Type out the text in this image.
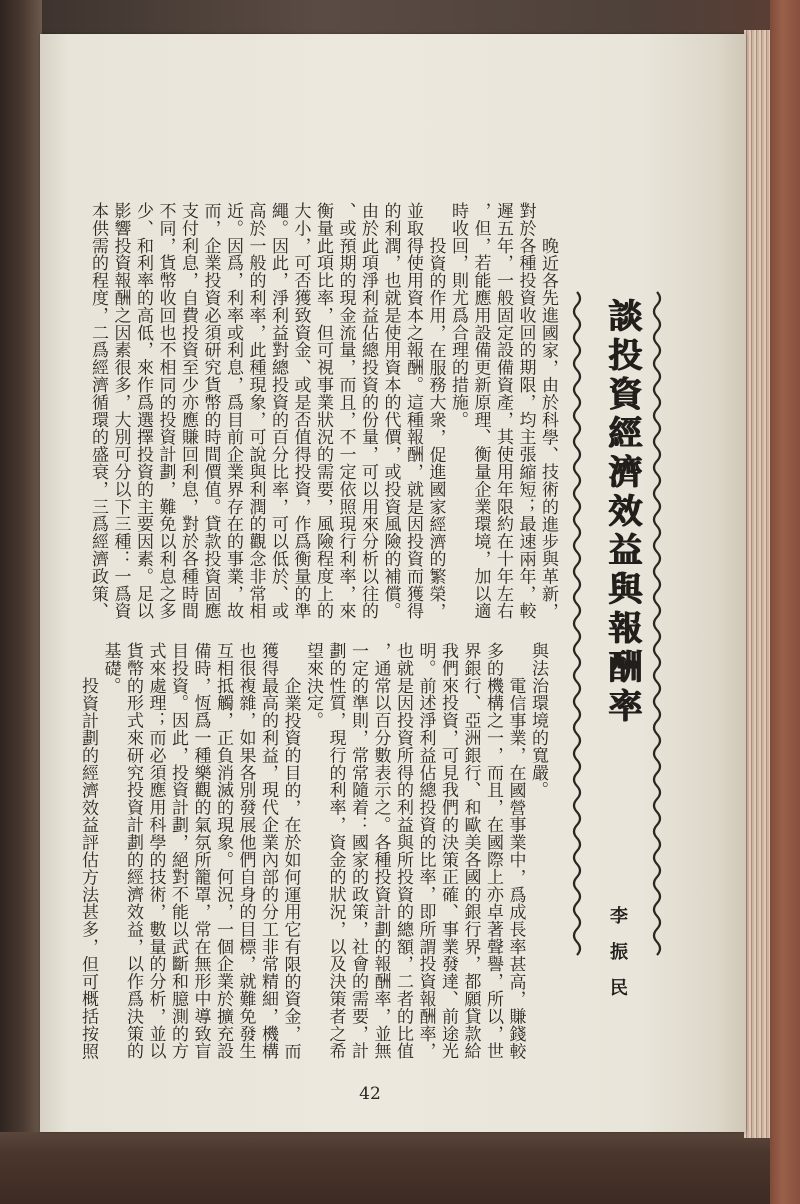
談投資經濟效益與報酬率
李振民
晚近各先進國家，由於科學、技術的進步與革新，
對於各種投資收回的期限，均主張縮短；最速兩年，較
遲五年，一般固定設備資產，其使用年限約在十年左右
，但，若能應用設備更新原理、衡量企業環境，加以適
時收回，則尤爲合理的措施。
投資的作用，在服務大衆，促進國家經濟的繁榮，
並取得使用資本之報酬。這種報酬，就是因投資而獲得
的利潤，也就是使用資本的代價，或投資風險的補償。
由於此項淨利益佔總投資的份量，可以用來分析以往的
、或預期的現金流量，而且，不一定依照現行利率，來
衡量此項比率，但可視事業狀況的需要，風險程度上的
大小，可否獲致資金、或是否值得投資，作爲衡量的準
繩。因此，淨利益對總投資的百分比率，可以低於、或
高於一般的利率，此種現象，可說與利潤的觀念非常相
近。因爲，利率或利息，爲目前企業界存在的事業，故
而，企業投資必須研究貨幣的時間價值。貸款投資固應
支付利息，自費投資至少亦應賺回利息，對於各種時間
不同，貨幣收回也不相同的投資計劃，難免以利息之多
少、和利率的高低，來作爲選擇投資的主要因素。足以
影響投資報酬之因素很多，大別可分以下三種：一爲資
本供需的程度，二爲經濟循環的盛衰，三爲經濟政策、
與法治環境的寬嚴。
電信事業，在國營事業中，爲成長率甚高，賺錢較
多的機構之一，而且，在國際上亦卓著聲譽，所以，世
界銀行、亞洲銀行、和歐美各國的銀行界，都願貸款給
我們來投資，可見我們的決策正確、事業發達、前途光
明。前述淨利益佔總投資的比率，即所謂投資報酬率，
也就是因投資所得的利益與所投資的總額，二者的比值
，通常以百分數表示之。各種投資計劃的報酬率，並無
一定的準則，常常隨着：國家的政策，社會的需要，計
劃的性質，現行的利率，資金的狀況，以及決策者之希
望來決定。
企業投資的目的，在於如何運用它有限的資金，而
獲得最高的利益，現代企業內部的分工非常精細，機構
也很複雜，如果各別發展他們自身的目標，就難免發生
互相抵觸，正負消滅的現象。何況，一個企業於擴充設
備時，恆爲一種樂觀的氣氛所籠罩，常在無形中導致盲
目投資。因此，投資計劃，絕對不能以武斷和臆測的方
式來處理；而必須應用科學的技術，數量的分析，並以
貨幣的形式來研究投資計劃的經濟效益，以作爲決策的
基礎。
投資計劃的經濟效益評估方法甚多，但可概括按照
42
